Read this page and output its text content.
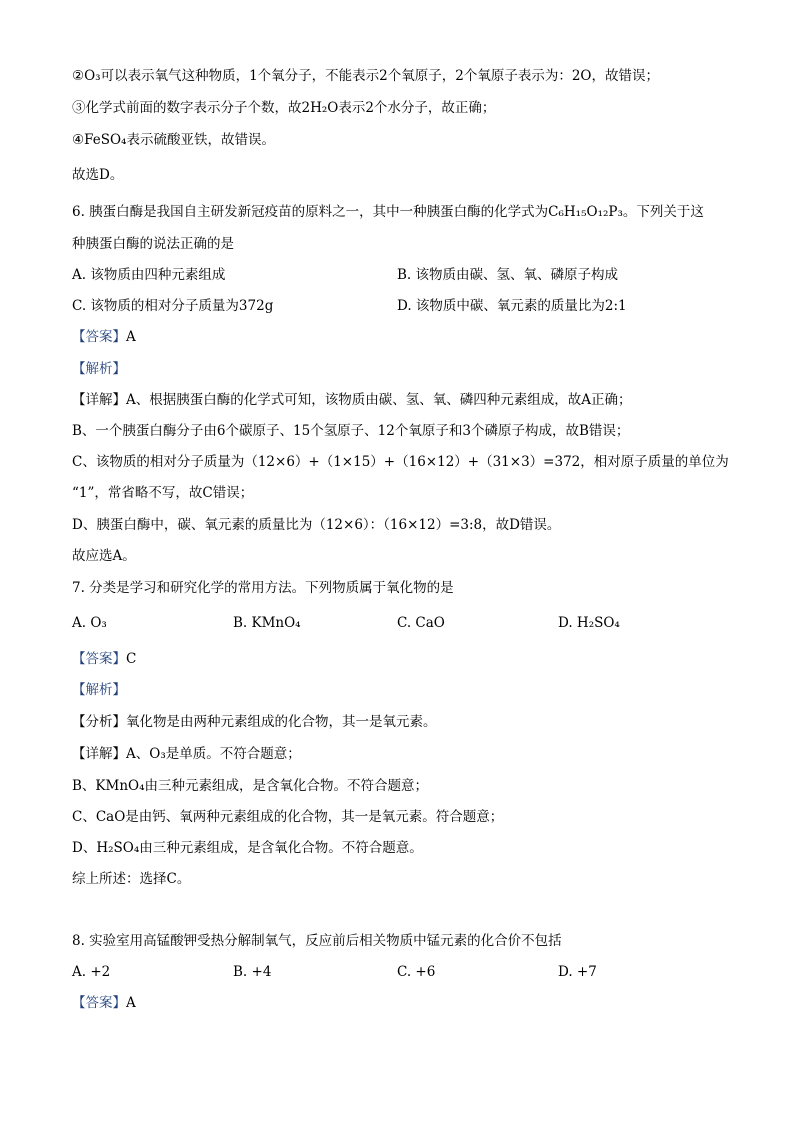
②O₃可以表示氧气这种物质，1个氧分子，不能表示2个氧原子，2个氧原子表示为：2O，故错误；
③化学式前面的数字表示分子个数，故2H₂O表示2个水分子，故正确；
④FeSO₄表示硫酸亚铁，故错误。
故选D。
6. 胰蛋白酶是我国自主研发新冠疫苗的原料之一，其中一种胰蛋白酶的化学式为C₆H₁₅O₁₂P₃。下列关于这
种胰蛋白酶的说法正确的是
A. 该物质由四种元素组成	B. 该物质由碳、氢、氧、磷原子构成
C. 该物质的相对分子质量为372g	D. 该物质中碳、氧元素的质量比为2:1
【答案】A
【解析】
【详解】A、根据胰蛋白酶的化学式可知，该物质由碳、氢、氧、磷四种元素组成，故A正确；
B、一个胰蛋白酶分子由6个碳原子、15个氢原子、12个氧原子和3个磷原子构成，故B错误；
C、该物质的相对分子质量为（12×6）+（1×15）+（16×12）+（31×3）=372，相对原子质量的单位为
“1”，常省略不写，故C错误；
D、胰蛋白酶中，碳、氧元素的质量比为（12×6）：（16×12）=3:8，故D错误。
故应选A。
7. 分类是学习和研究化学的常用方法。下列物质属于氧化物的是
A. O₃	B. KMnO₄	C. CaO	D. H₂SO₄
【答案】C
【解析】
【分析】氧化物是由两种元素组成的化合物，其一是氧元素。
【详解】A、O₃是单质。不符合题意；
B、KMnO₄由三种元素组成，是含氧化合物。不符合题意；
C、CaO是由钙、氧两种元素组成的化合物，其一是氧元素。符合题意；
D、H₂SO₄由三种元素组成，是含氧化合物。不符合题意。
综上所述：选择C。
8. 实验室用高锰酸钾受热分解制氧气，反应前后相关物质中锰元素的化合价不包括
A. +2	B. +4	C. +6	D. +7
【答案】A
